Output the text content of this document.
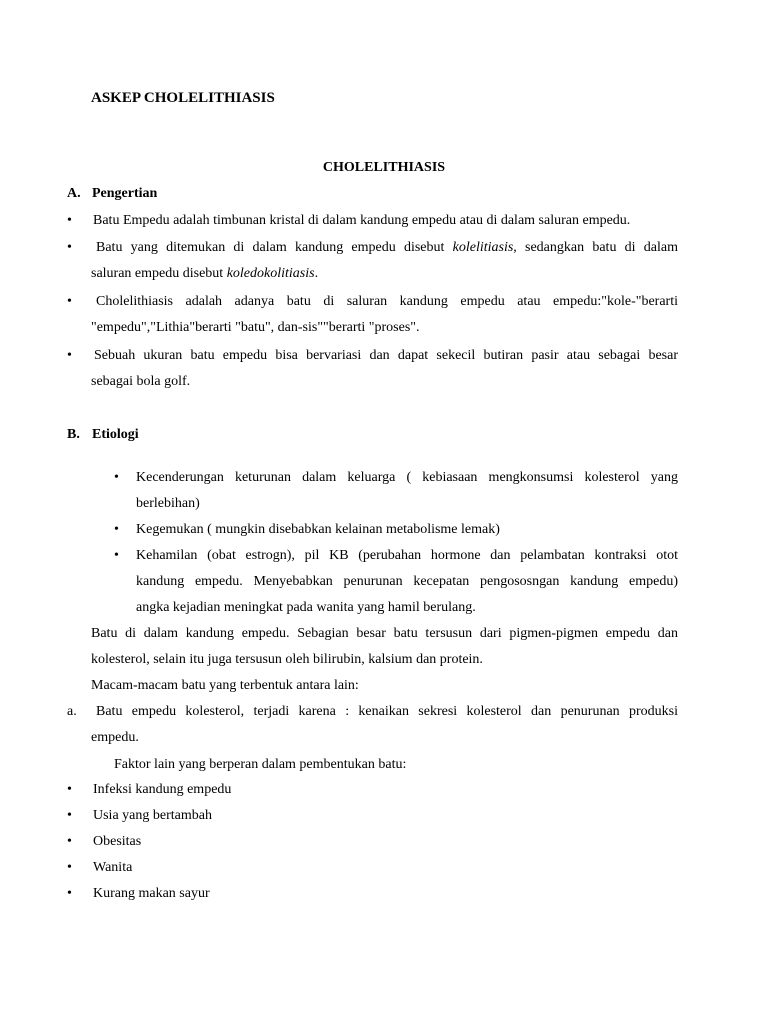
ASKEP CHOLELITHIASIS
CHOLELITHIASIS
A. Pengertian
• Batu Empedu adalah timbunan kristal di dalam kandung empedu atau di dalam saluran empedu.
• Batu yang ditemukan di dalam kandung empedu disebut kolelitiasis, sedangkan batu di dalam
saluran empedu disebut koledokolitiasis.
• Cholelithiasis adalah adanya batu di saluran kandung empedu atau empedu:"kole-"berarti
"empedu","Lithia"berarti "batu", dan-sis""berarti "proses".
• Sebuah ukuran batu empedu bisa bervariasi dan dapat sekecil butiran pasir atau sebagai besar
sebagai bola golf.
B. Etiologi
• Kecenderungan keturunan dalam keluarga ( kebiasaan mengkonsumsi kolesterol yang
berlebihan)
• Kegemukan ( mungkin disebabkan kelainan metabolisme lemak)
• Kehamilan (obat estrogn), pil KB (perubahan hormone dan pelambatan kontraksi otot
kandung empedu. Menyebabkan penurunan kecepatan pengososngan kandung empedu)
angka kejadian meningkat pada wanita yang hamil berulang.
Batu di dalam kandung empedu. Sebagian besar batu tersusun dari pigmen-pigmen empedu dan
kolesterol, selain itu juga tersusun oleh bilirubin, kalsium dan protein.
Macam-macam batu yang terbentuk antara lain:
a. Batu empedu kolesterol, terjadi karena : kenaikan sekresi kolesterol dan penurunan produksi
empedu.
Faktor lain yang berperan dalam pembentukan batu:
• Infeksi kandung empedu
• Usia yang bertambah
• Obesitas
• Wanita
• Kurang makan sayur
